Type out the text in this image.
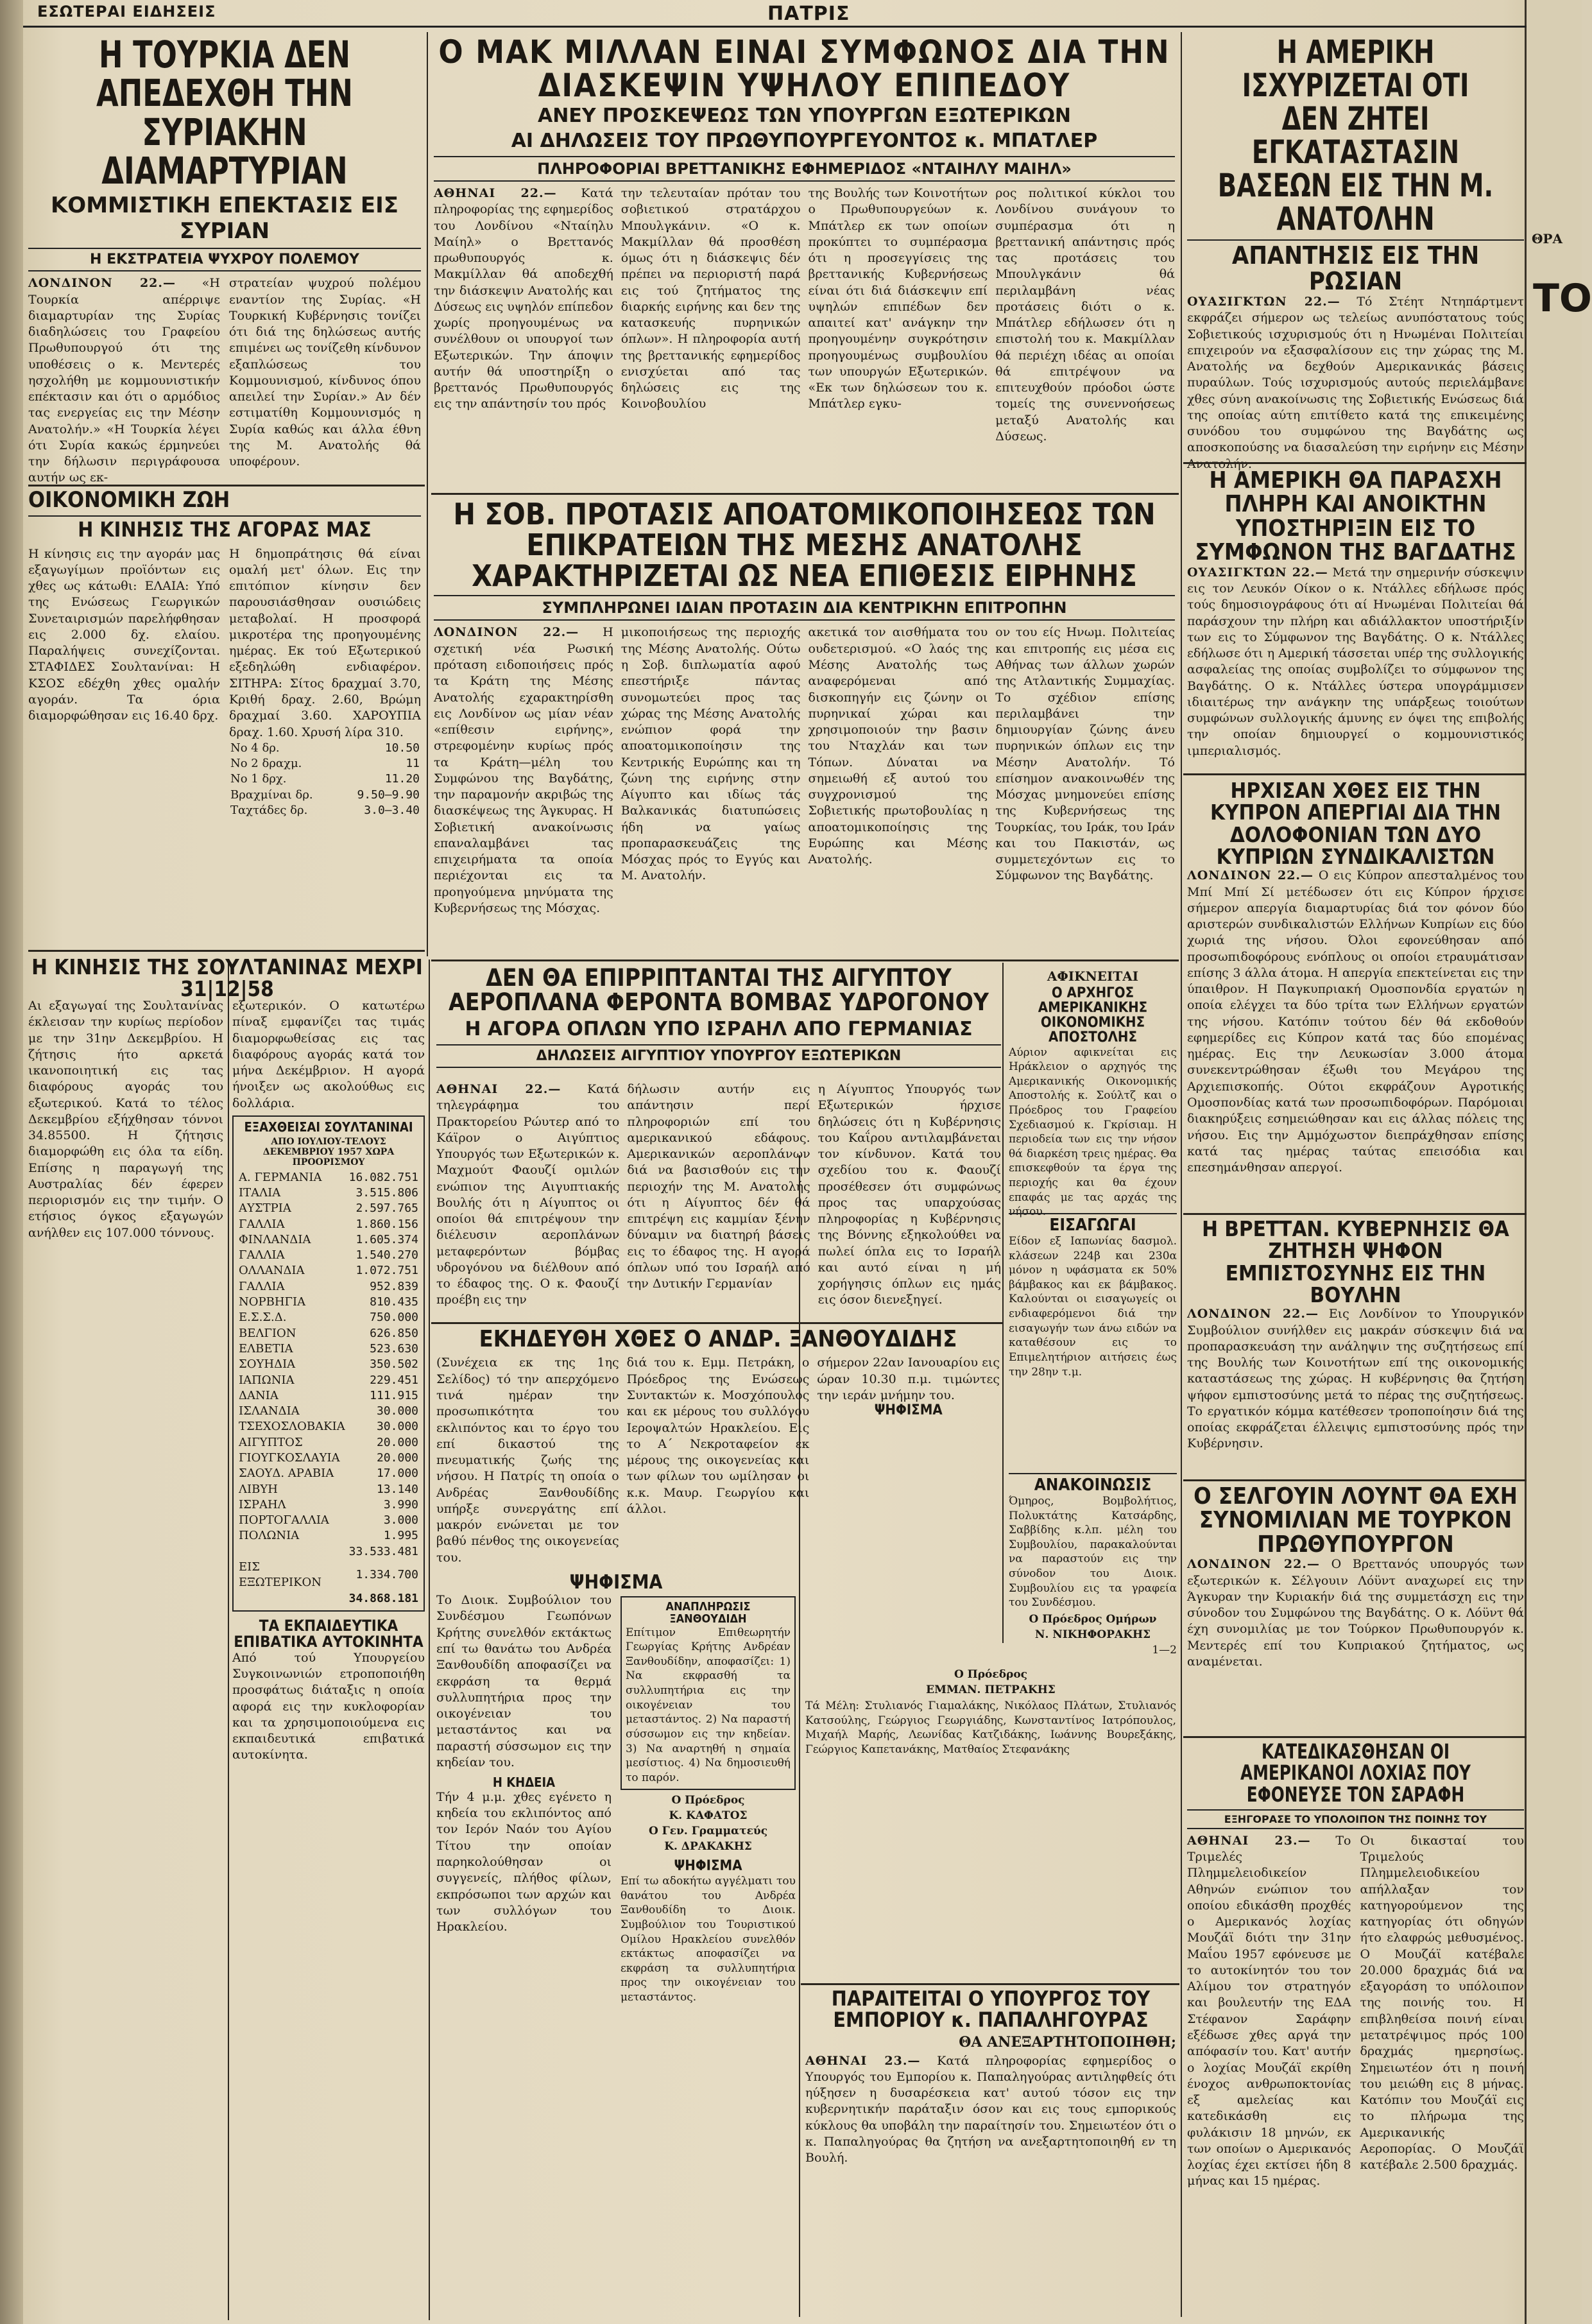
ΘΡΑ
ΤΟ
ΕΣΩΤΕΡΑΙ ΕΙΔΗΣΕΙΣ	ΠΑΤΡΙΣ
Η ΤΟΥΡΚΙΑ ΔΕΝ ΑΠΕΔΕΧΘΗ ΤΗΝ ΣΥΡΙΑΚΗΝ ΔΙΑΜΑΡΤΥΡΙΑΝ
ΚΟΜΜΙΣΤΙΚΗ ΕΠΕΚΤΑΣΙΣ ΕΙΣ ΣΥΡΙΑΝ
Η ΕΚΣΤΡΑΤΕΙΑ ΨΥΧΡΟΥ ΠΟΛΕΜΟΥ

ΛΟΝΔΙΝΟΝ 22.— «Η Τουρκία απέρριψε διαμαρτυρίαν της Συρίας διαδηλώσεις του Γραφείου Πρωθυπουργού ότι της υποθέσεις ο κ. Μεντερές ησχολήθη με κομμουνιστικήν επέκτασιν και ότι ο αρμόδιος τας ενεργείας εις την Μέσην Ανατολήν.» «Η Τουρκία λέγει ότι Συρία κακώς έρμηνεύει την δήλωσιν περιγράφουσα αυτήν ως εκ-

στρατείαν ψυχρού πολέμου εναντίον της Συρίας. «Η Τουρκική Κυβέρνησις τονίζει ότι διά της δηλώσεως αυτής επιμένει ως τονίζεθη κίνδυνον εξαπλώσεως του Κομμουνισμού, κίνδυνος όπου απειλεί την Συρίαν.» Αν δέν εστιματίθη Κομμουνισμός η Συρία καθώς και άλλα έθνη της Μ. Ανατολής θά υποφέρουν.

ΟΙΚΟΝΟΜΙΚΗ ΖΩΗ
Η ΚΙΝΗΣΙΣ ΤΗΣ ΑΓΟΡΑΣ ΜΑΣ

Η κίνησις εις την αγοράν μας εξαγωγίμων προϊόντων εις χθες ως κάτωθι: ΕΛΑΙΑ: Υπό της Ενώσεως Γεωργικών Συνεταιρισμών παρελήφθησαν εις 2.000 δχ. ελαίου. Παραλήψεις συνεχίζονται. ΣΤΑΦΙΔΕΣ Σουλτανίναι: Η ΚΣΟΣ εδέχθη χθες ομαλήν αγοράν. Τα όρια διαμορφώθησαν εις 16.40 δρχ.

Η δημοπράτησις θά είναι ομαλή μετ' όλων. Εις την επιτόπιον κίνησιν δεν παρουσιάσθησαν ουσιώδεις μεταβολαί. Η προσφορά μικροτέρα της προηγουμένης ημέρας. Εκ τού Εξωτερικού εξεδηλώθη ενδιαφέρον. ΣΙΤΗΡΑ: Σίτος δραχμαί 3.70, Κριθή δραχ. 2.60, Βρώμη δραχμαί 3.60. ΧΑΡΟΥΠΙΑ δραχ. 1.60. Χρυσή λίρα 310.

Νο 4 δρ.	10.50
Νο 2 δραχμ.	11
Νο 1 δρχ.	11.20
Βραχμίναι δρ.	9.50—9.90
Ταχτάδες δρ.	3.0—3.40
Η ΚΙΝΗΣΙΣ ΤΗΣ ΣΟΥΛΤΑΝΙΝΑΣ ΜΕΧΡΙ 31|12|58

Αι εξαγωγαί της Σουλτανίνας έκλεισαν την κυρίως περίοδον με την 31ην Δεκεμβρίου. Η ζήτησις ήτο αρκετά ικανοποιητική εις τας διαφόρους αγοράς του εξωτερικού. Κατά το τέλος Δεκεμβρίου εξήχθησαν τόννοι 34.85500. Η ζήτησις διαμορφώθη εις όλα τα είδη. Επίσης η παραγωγή της Αυστραλίας δέν έφερεν περιορισμόν εις την τιμήν. Ο ετήσιος όγκος εξαγωγών ανήλθεν εις 107.000 τόννους.

εξωτερικόν. Ο κατωτέρω πίναξ εμφανίζει τας τιμάς διαμορφωθείσας εις τας διαφόρους αγοράς κατά τον μήνα Δεκέμβριον. Η αγορά ήνοιξεν ως ακολούθως εις δολλάρια.

ΕΞΑΧΘΕΙΣΑΙ ΣΟΥΛΤΑΝΙΝΑΙ
ΑΠΟ ΙΟΥΛΙΟΥ-ΤΕΛΟΥΣ ΔΕΚΕΜΒΡΙΟΥ 1957 ΧΩΡΑ ΠΡΟΟΡΙΣΜΟΥ
Α. ΓΕΡΜΑΝΙΑ	16.082.751
ΙΤΑΛΙΑ	3.515.806
ΑΥΣΤΡΙΑ	2.597.765
ΓΑΛΛΙΑ	1.860.156
ΦΙΝΛΑΝΔΙΑ	1.605.374
ΓΑΛΛΙΑ	1.540.270
ΟΛΛΑΝΔΙΑ	1.072.751
ΓΑΛΛΙΑ	952.839
ΝΟΡΒΗΓΙΑ	810.435
Ε.Σ.Σ.Δ.	750.000
ΒΕΛΓΙΟΝ	626.850
ΕΛΒΕΤΙΑ	523.630
ΣΟΥΗΔΙΑ	350.502
ΙΑΠΩΝΙΑ	229.451
ΔΑΝΙΑ	111.915
ΙΣΛΑΝΔΙΑ	30.000
ΤΣΕΧΟΣΛΟΒΑΚΙΑ	30.000
ΑΙΓΥΠΤΟΣ	20.000
ΓΙΟΥΓΚΟΣΛΑΥΙΑ	20.000
ΣΑΟΥΔ. ΑΡΑΒΙΑ	17.000
ΛΙΒΥΗ	13.140
ΙΣΡΑΗΛ	3.990
ΠΟΡΤΟΓΑΛΛΙΑ	3.000
ΠΟΛΩΝΙΑ	1.995
	33.533.481
ΕΙΣ ΕΞΩΤΕΡΙΚΟΝ	1.334.700
	34.868.181
ΤΑ ΕΚΠΑΙΔΕΥΤΙΚΑ ΕΠΙΒΑΤΙΚΑ ΑΥΤΟΚΙΝΗΤΑ

Από τού Υπουργείου Συγκοινωνιών ετροποποιήθη προσφάτως διάταξις η οποία αφορά εις την κυκλοφορίαν και τα χρησιμοποιούμενα εις εκπαιδευτικά επιβατικά αυτοκίνητα.

Ο ΜΑΚ ΜΙΛΛΑΝ ΕΙΝΑΙ ΣΥΜΦΩΝΟΣ ΔΙΑ ΤΗΝ ΔΙΑΣΚΕΨΙΝ ΥΨΗΛΟΥ ΕΠΙΠΕΔΟΥ
ΑΝΕΥ ΠΡΟΣΚΕΨΕΩΣ ΤΩΝ ΥΠΟΥΡΓΩΝ ΕΞΩΤΕΡΙΚΩΝ
ΑΙ ΔΗΛΩΣΕΙΣ ΤΟΥ ΠΡΩΘΥΠΟΥΡΓΕΥΟΝΤΟΣ κ. ΜΠΑΤΛΕΡ
ΠΛΗΡΟΦΟΡΙΑΙ ΒΡΕΤΤΑΝΙΚΗΣ ΕΦΗΜΕΡΙΔΟΣ «ΝΤΑΙΗΛΥ ΜΑΙΗΛ»

ΑΘΗΝΑΙ 22.— Κατά πληροφορίας της εφημερίδος του Λονδίνου «Νταίηλυ Μαίηλ» ο Βρεττανός πρωθυπουργός κ. Μακμίλλαν θά αποδεχθή την διάσκεψιν Ανατολής και Δύσεως εις υψηλόν επίπεδον χωρίς προηγουμένως να συνέλθουν οι υπουργοί των Εξωτερικών. Την άποψιν αυτήν θά υποστηρίξη ο βρεττανός Πρωθυπουργός εις την απάντησίν του πρός

την τελευταίαν πρόταν του σοβιετικού στρατάρχου Μπουλγκάνιν. «Ο κ. Μακμίλλαν θά προσθέση όμως ότι η διάσκεψις δέν πρέπει να περιοριστή παρά εις τού ζητήματος της διαρκής ειρήνης και δεν της κατασκευής πυρηνικών όπλων». Η πληροφορία αυτή της βρεττανικής εφημερίδος ενισχύεται από τας δηλώσεις εις της Κοινοβουλίου

της Βουλής των Κοινοτήτων ο Πρωθυπουργεύων κ. Μπάτλερ εκ των οποίων προκύπτει το συμπέρασμα ότι η προσεγγίσεις της βρεττανικής Κυβερνήσεως είναι ότι διά διάσκεψιν επί υψηλών επιπέδων δεν απαιτεί κατ' ανάγκην την προηγουμένην συγκρότησιν προηγουμένως συμβουλίου των υπουργών Εξωτερικών. «Εκ των δηλώσεων του κ. Μπάτλερ εγκυ-

ρος πολιτικοί κύκλοι του Λονδίνου συνάγουν το συμπέρασμα ότι η βρεττανική απάντησις πρός τας προτάσεις του Μπουλγκάνιν θά περιλαμβάνη νέας προτάσεις διότι ο κ. Μπάτλερ εδήλωσεν ότι η επιστολή του κ. Μακμίλλαν θά περιέχη ιδέας αι οποίαι θά επιτρέψουν να επιτευχθούν πρόοδοι ώστε τομείς της συνεννοήσεως μεταξύ Ανατολής και Δύσεως.

Η ΣΟΒ. ΠΡΟΤΑΣΙΣ ΑΠΟΑΤΟΜΙΚΟΠΟΙΗΣΕΩΣ ΤΩΝ ΕΠΙΚΡΑΤΕΙΩΝ ΤΗΣ ΜΕΣΗΣ ΑΝΑΤΟΛΗΣ ΧΑΡΑΚΤΗΡΙΖΕΤΑΙ ΩΣ ΝΕΑ ΕΠΙΘΕΣΙΣ ΕΙΡΗΝΗΣ
ΣΥΜΠΛΗΡΩΝΕΙ ΙΔΙΑΝ ΠΡΟΤΑΣΙΝ ΔΙΑ ΚΕΝΤΡΙΚΗΝ ΕΠΙΤΡΟΠΗΝ

ΛΟΝΔΙΝΟΝ 22.— Η σχετική νέα Ρωσική πρόταση ειδοποιήσεις πρός τα Κράτη της Μέσης Ανατολής εχαρακτηρίσθη εις Λονδίνον ως μίαν νέαν «επίθεσιν ειρήνης», στρεφομένην κυρίως πρός τα Κράτη—μέλη του Συμφώνου της Βαγδάτης, την παραμονήν ακριβώς της διασκέψεως της Άγκυρας. Η Σοβιετική ανακοίνωσις επαναλαμβάνει τας επιχειρήματα τα οποία περιέχονται εις τα προηγούμενα μηνύματα της Κυβερνήσεως της Μόσχας.

μικοποιήσεως της περιοχής της Μέσης Ανατολής. Ούτω η Σοβ. διπλωματία αφού επεστήριξε πάντας συνομωτεύει προς τας χώρας της Μέσης Ανατολής ενώπιον φορά την αποατομικοποίησιν της Κεντρικής Ευρώπης και τη ζώνη της ειρήνης στην Αίγυπτο και ιδίως τάς Βαλκανικάς διατυπώσεις ήδη να γαίως προπαρασκευάζεις της Μόσχας πρός το Εγγύς και Μ. Ανατολήν.

ακετικά τον αισθήματα του ουδετερισμού. «Ο λαός της Μέσης Ανατολής τως αναφερόμεναι από δισκοπηγήν εις ζώνην οι πυρηνικαί χώραι και χρησιμοποιούν την βασιν του Νταχλάν και των Τόπων. Δύναται να σημειωθή εξ αυτού του συγχρονισμού της Σοβιετικής πρωτοβουλίας η αποατομικοποίησις της Ευρώπης και Μέσης Ανατολής.

ον του είς Ηνωμ. Πολιτείας και επιτροπής εις μέσα εις Αθήνας των άλλων χωρών της Ατλαντικής Συμμαχίας. Το σχέδιον επίσης περιλαμβάνει την δημιουργίαν ζώνης άνευ πυρηνικών όπλων εις την Μέσην Ανατολήν. Τό επίσημον ανακοινωθέν της Μόσχας μνημονεύει επίσης της Κυβερνήσεως της Τουρκίας, του Ιράκ, του Ιράν και του Πακιστάν, ως συμμετεχόντων εις το Σύμφωνον της Βαγδάτης.

ΔΕΝ ΘΑ ΕΠΙΡΡΙΠΤΑΝΤΑΙ ΤΗΣ ΑΙΓΥΠΤΟΥ ΑΕΡΟΠΛΑΝΑ ΦΕΡΟΝΤΑ ΒΟΜΒΑΣ ΥΔΡΟΓΟΝΟΥ
Η ΑΓΟΡΑ ΟΠΛΩΝ ΥΠΟ ΙΣΡΑΗΛ ΑΠΟ ΓΕΡΜΑΝΙΑΣ
ΔΗΛΩΣΕΙΣ ΑΙΓΥΠΤΙΟΥ ΥΠΟΥΡΓΟΥ ΕΞΩΤΕΡΙΚΩΝ

ΑΘΗΝΑΙ 22.— Κατά τηλεγράφημα του Πρακτορείου Ρώυτερ από το Κάϊρον ο Αιγύπτιος Υπουργός των Εξωτερικών κ. Μαχμούτ Φαουζί ομιλών ενώπιον της Αιγυπτιακής Βουλής ότι η Αίγυπτος οι οποίοι θά επιτρέψουν την διέλευσιν αεροπλάνων μεταφερόντων βόμβας υδρογόνου να διέλθουν από το έδαφος της. Ο κ. Φαουζί προέβη εις την

δήλωσιν αυτήν εις απάντησιν περί πληροφοριών επί του αμερικανικού εδάφους. Αμερικανικών αεροπλάνων διά να βασισθούν εις την περιοχήν της Μ. Ανατολής ότι η Αίγυπτος δέν θά επιτρέψη εις καμμίαν ξένην δύναμιν να διατηρή βάσεις εις το έδαφος της. Η αγορά όπλων υπό του Ισραήλ από την Δυτικήν Γερμανίαν

η Αίγυπτος Υπουργός των Εξωτερικών ήρχισε δηλώσεις ότι η Κυβέρνησις του Καΐρου αντιλαμβάνεται τον κίνδυνον. Κατά του σχεδίου του κ. Φαουζί προσέθεσεν ότι συμφώνως προς τας υπαρχούσας πληροφορίας η Κυβέρνησις της Βόννης εξηκολούθει να πωλεί όπλα εις το Ισραήλ και αυτό είναι η μή χορήγησις όπλων εις ημάς εις όσον διενεξηγεί.

ΑΦΙΚΝΕΙΤΑΙ
Ο ΑΡΧΗΓΟΣ ΑΜΕΡΙΚΑΝΙΚΗΣ ΟΙΚΟΝΟΜΙΚΗΣ ΑΠΟΣΤΟΛΗΣ

Αύριον αφικνείται εις Ηράκλειον ο αρχηγός της Αμερικανικής Οικονομικής Αποστολής κ. Σούλτζ και ο Πρόεδρος του Γραφείου Σχεδιασμού κ. Γκρίσιαμ. Η περιοδεία των εις την νήσον θά διαρκέση τρεις ημέρας. Θα επισκεφθούν τα έργα της περιοχής και θα έχουν επαφάς με τας αρχάς της νήσου.

ΕΙΣΑΓΩΓΑΙ

Είδον εξ Ιαπωνίας δασμολ. κλάσεων 224β και 230α μόνον η υφάσματα εκ 50% βάμβακος και εκ βάμβακος. Καλούνται οι εισαγωγείς οι ενδιαφερόμενοι διά την εισαγωγήν των άνω ειδών να καταθέσουν εις το Επιμελητήριον αιτήσεις έως την 28ην τ.μ.

ΑΝΑΚΟΙΝΩΣΙΣ

Όμηρος, Βομβολήτιος, Πολυκτάτης Κατσάρδης, Σαββίδης κ.λπ. μέλη του Συμβουλίου, παρακαλούνται να παραστούν εις την σύνοδον του Διοικ. Συμβουλίου εις τα γραφεία του Συνδέσμου.

Ο Πρόεδρος Ομήρων
Ν. ΝΙΚΗΦΟΡΑΚΗΣ
1—2
ΕΚΗΔΕΥΘΗ ΧΘΕΣ Ο ΑΝΔΡ. ΞΑΝΘΟΥΔΙΔΗΣ

(Συνέχεια εκ της 1ης Σελίδος) τό την απερχόμενο τινά ημέραν την προσωπικότητα του εκλιπόντος και το έργο του επί δικαστού της πνευματικής ζωής της νήσου. Η Πατρίς τη οποία ο Ανδρέας Ξανθουδίδης υπήρξε συνεργάτης επί μακρόν ενώνεται με τον βαθύ πένθος της οικογενείας του.

διά του κ. Εμμ. Πετράκη, ο Πρόεδρος της Ενώσεως Συντακτών κ. Μοσχόπουλος και εκ μέρους του συλλόγου Ιεροψαλτών Ηρακλείου. Εις το Α΄ Νεκροταφείον εκ μέρους της οικογενείας και των φίλων του ωμίλησαν οι κ.κ. Μαυρ. Γεωργίου και άλλοι.

σήμερον 22αν Ιανουαρίου εις ώραν 10.30 π.μ. τιμώντες την ιεράν μνήμην του.

ΨΗΦΙΣΜΑ
ΨΗΦΙΣΜΑ

Το Διοικ. Συμβούλιον του Συνδέσμου Γεωπόνων Κρήτης συνελθόν εκτάκτως επί τω θανάτω του Ανδρέα Ξανθουδίδη αποφασίζει να εκφράση τα θερμά συλλυπητήρια προς την οικογένειαν του μεταστάντος και να παραστή σύσσωμον εις την κηδείαν του.

Η ΚΗΔΕΙΑ

Τήν 4 μ.μ. χθες εγένετο η κηδεία του εκλιπόντος από τον Ιερόν Ναόν του Αγίου Τίτου την οποίαν παρηκολούθησαν οι συγγενείς, πλήθος φίλων, εκπρόσωποι των αρχών και των συλλόγων του Ηρακλείου.

ΑΝΑΠΛΗΡΩΣΙΣ ΞΑΝΘΟΥΔΙΔΗ

Επίτιμον Επιθεωρητήν Γεωργίας Κρήτης Ανδρέαν Ξανθουδίδην, αποφασίζει: 1) Να εκφρασθή τα συλλυπητήρια εις την οικογένειαν του μεταστάντος. 2) Να παραστή σύσσωμον εις την κηδείαν. 3) Να αναρτηθή η σημαία μεσίστιος. 4) Να δημοσιευθή το παρόν.

Ο Πρόεδρος
Κ. ΚΑΦΑΤΟΣ
Ο Γεν. Γραμματεύς
Κ. ΔΡΑΚΑΚΗΣ
ΨΗΦΙΣΜΑ

Επί τω αδοκήτω αγγέλματι του θανάτου του Ανδρέα Ξανθουδίδη το Διοικ. Συμβούλιον του Τουριστικού Ομίλου Ηρακλείου συνελθόν εκτάκτως αποφασίζει να εκφράση τα συλλυπητήρια προς την οικογένειαν του μεταστάντος.

Ο Πρόεδρος
ΕΜΜΑΝ. ΠΕΤΡΑΚΗΣ

Τά Μέλη: Στυλιανός Γιαμαλάκης, Νικόλαος Πλάτων, Στυλιανός Κατσούλης, Γεώργιος Γεωργιάδης, Κωνσταντίνος Ιατρόπουλος, Μιχαήλ Μαρής, Λεωνίδας Κατζιδάκης, Ιωάννης Βουρεξάκης, Γεώργιος Καπετανάκης, Ματθαίος Στεφανάκης

ΠΑΡΑΙΤΕΙΤΑΙ Ο ΥΠΟΥΡΓΟΣ ΤΟΥ ΕΜΠΟΡΙΟΥ κ. ΠΑΠΑΛΗΓΟΥΡΑΣ
ΘΑ ΑΝΕΞΑΡΤΗΤΟΠΟΙΗΘΗ;

ΑΘΗΝΑΙ 23.— Κατά πληροφορίας εφημερίδος ο Υπουργός του Εμπορίου κ. Παπαληγούρας αντιληφθείς ότι ηύξησεν η δυσαρέσκεια κατ' αυτού τόσον εις την κυβερνητικήν παράταξιν όσον και εις τους εμπορικούς κύκλους θα υποβάλη την παραίτησίν του. Σημειωτέον ότι ο κ. Παπαληγούρας θα ζητήση να ανεξαρτητοποιηθή εν τη Βουλή.

Η ΑΜΕΡΙΚΗ ΙΣΧΥΡΙΖΕΤΑΙ ΟΤΙ ΔΕΝ ΖΗΤΕΙ ΕΓΚΑΤΑΣΤΑΣΙΝ ΒΑΣΕΩΝ ΕΙΣ ΤΗΝ Μ. ΑΝΑΤΟΛΗΝ
ΑΠΑΝΤΗΣΙΣ ΕΙΣ ΤΗΝ ΡΩΣΙΑΝ

ΟΥΑΣΙΓΚΤΩΝ 22.— Τό Στέητ Ντηπάρτμεντ εκφράζει σήμερον ως τελείως ανυπόστατους τούς Σοβιετικούς ισχυρισμούς ότι η Ηνωμέναι Πολιτείαι επιχειρούν να εξασφαλίσουν εις την χώρας της Μ. Ανατολής να δεχθούν Αμερικανικάς βάσεις πυραύλων. Τούς ισχυρισμούς αυτούς περιελάμβανε χθες σύνη ανακοίνωσις της Σοβιετικής Ενώσεως διά της οποίας αύτη επιτίθετο κατά της επικειμένης συνόδου του συμφώνου της Βαγδάτης ως αποσκοπούσης να διασαλεύση την ειρήνην εις Μέσην

Η ΑΜΕΡΙΚΗ ΘΑ ΠΑΡΑΣΧΗ ΠΛΗΡΗ ΚΑΙ ΑΝΟΙΚΤΗΝ ΥΠΟΣΤΗΡΙΞΙΝ ΕΙΣ ΤΟ ΣΥΜΦΩΝΟΝ ΤΗΣ ΒΑΓΔΑΤΗΣ

ΟΥΑΣΙΓΚΤΩΝ 22.— Μετά την σημερινήν σύσκεψιν εις τον Λευκόν Οίκον ο κ. Ντάλλες εδήλωσε πρός τούς δημοσιογράφους ότι αί Ηνωμέναι Πολιτείαι θά παράσχουν την πλήρη και αδιάλλακτον υποστήριξίν των εις το Σύμφωνον της Βαγδάτης. Ο κ. Ντάλλες εδήλωσε ότι η Αμερική τάσσεται υπέρ της συλλογικής ασφαλείας της οποίας συμβολίζει το σύμφωνον της Βαγδάτης. Ο κ. Ντάλλες ύστερα υπογράμμισεν ιδιαιτέρως την ανάγκην της υπάρξεως τοιούτων συμφώνων συλλογικής άμυνης εν όψει της επιβολής την οποίαν δημιουργεί ο κομμουνιστικός ιμπεριαλισμός.

ΗΡΧΙΣΑΝ ΧΘΕΣ ΕΙΣ ΤΗΝ ΚΥΠΡΟΝ ΑΠΕΡΓΙΑΙ ΔΙΑ ΤΗΝ ΔΟΛΟΦΟΝΙΑΝ ΤΩΝ ΔΥΟ ΚΥΠΡΙΩΝ ΣΥΝΔΙΚΑΛΙΣΤΩΝ

ΛΟΝΔΙΝΟΝ 22.— Ο εις Κύπρον απεσταλμένος του Μπί Μπί Σί μετέδωσεν ότι εις Κύπρον ήρχισε σήμερον απεργία διαμαρτυρίας διά τον φόνον δύο αριστερών συνδικαλιστών Ελλήνων Κυπρίων εις δύο χωριά της νήσου. Όλοι εφονεύθησαν από προσωπιδοφόρους ενόπλους οι οποίοι ετραυμάτισαν επίσης 3 άλλα άτομα. Η απεργία επεκτείνεται εις την ύπαιθρον. Η Παγκυπριακή Ομοσπονδία εργατών η οποία ελέγχει τα δύο τρίτα των Ελλήνων εργατών της νήσου. Κατόπιν τούτου δέν θά εκδοθούν εφημερίδες εις Κύπρον κατά τας δύο επομένας ημέρας. Εις την Λευκωσίαν 3.000 άτομα συνεκεντρώθησαν έξωθι του Μεγάρου της Αρχιεπισκοπής. Ούτοι εκφράζουν Αγροτικής Ομοσπονδίας κατά των προσωπιδοφόρων. Παρόμοιαι διακηρύξεις εσημειώθησαν και εις άλλας πόλεις της νήσου. Εις την Αμμόχωστον διεπράχθησαν επίσης κατά τας ημέρας ταύτας επεισόδια και επεσημάνθησαν απεργοί.

Η ΒΡΕΤΤΑΝ. ΚΥΒΕΡΝΗΣΙΣ ΘΑ ΖΗΤΗΣΗ ΨΗΦΟΝ ΕΜΠΙΣΤΟΣΥΝΗΣ ΕΙΣ ΤΗΝ ΒΟΥΛΗΝ

ΛΟΝΔΙΝΟΝ 22.— Εις Λονδίνον το Υπουργικόν Συμβούλιον συνήλθεν εις μακράν σύσκεψιν διά να προπαρασκευάση την ανάληψιν της συζητήσεως επί της Βουλής των Κοινοτήτων επί της οικονομικής καταστάσεως της χώρας. Η κυβέρνησις θα ζητήση ψήφον εμπιστοσύνης μετά το πέρας της συζητήσεως. Το εργατικόν κόμμα κατέθεσεν τροποποίησιν διά της οποίας εκφράζεται έλλειψις εμπιστοσύνης πρός την Κυβέρνησιν.

Ο ΣΕΛΓΟΥΙΝ ΛΟΥΝΤ ΘΑ ΕΧΗ ΣΥΝΟΜΙΛΙΑΝ ΜΕ ΤΟΥΡΚΟΝ ΠΡΩΘΥΠΟΥΡΓΟΝ

ΛΟΝΔΙΝΟΝ 22.— Ο Βρεττανός υπουργός των εξωτερικών κ. Σέλγουιν Λόϋντ αναχωρεί εις την Άγκυραν την Κυριακήν διά της συμμετάσχη εις την σύνοδον του Συμφώνου της Βαγδάτης. Ο κ. Λόϋντ θά έχη συνομιλίας με τον Τούρκον Πρωθυπουργόν κ. Μεντερές επί του Κυπριακού ζητήματος, ως αναμένεται.

ΚΑΤΕΔΙΚΑΣΘΗΣΑΝ ΟΙ ΑΜΕΡΙΚΑΝΟΙ ΛΟΧΙΑΣ ΠΟΥ ΕΦΟΝΕΥΣΕ ΤΟΝ ΣΑΡΑΦΗ
ΕΞΗΓΟΡΑΣΕ ΤΟ ΥΠΟΛΟΙΠΟΝ ΤΗΣ ΠΟΙΝΗΣ ΤΟΥ

ΑΘΗΝΑΙ 23.— Το Τριμελές Πλημμελειοδικείον Αθηνών ενώπιον του οποίου εδικάσθη προχθές ο Αμερικανός λοχίας Μουζάϊ διότι την 31ην Μαΐου 1957 εφόνευσε με το αυτοκίνητόν του τον Αλίμου τον στρατηγόν και βουλευτήν της ΕΔΑ Στέφανον Σαράφην εξέδωσε χθες αργά την απόφασίν του. Κατ' αυτήν ο λοχίας Μουζάϊ εκρίθη ένοχος ανθρωποκτονίας εξ αμελείας και κατεδικάσθη εις φυλάκισιν 18 μηνών, εκ των οποίων ο Αμερικανός λοχίας έχει εκτίσει ήδη 8 μήνας και 15 ημέρας.

Οι δικασταί του Τριμελούς Πλημμελειοδικείου απήλλαξαν τον κατηγορούμενον της κατηγορίας ότι οδηγών ήτο ελαφρώς μεθυσμένος. Ο Μουζάϊ κατέβαλε 20.000 δραχμάς διά να εξαγοράση το υπόλοιπον της ποινής του. Η επιβληθείσα ποινή είναι μετατρέψιμος πρός 100 δραχμάς ημερησίως. Σημειωτέον ότι η ποινή του μειώθη εις 8 μήνας. Κατόπιν του Μουζάϊ εις το πλήρωμα της Αμερικανικής Αεροπορίας. Ο Μουζάϊ κατέβαλε 2.500 δραχμάς.
